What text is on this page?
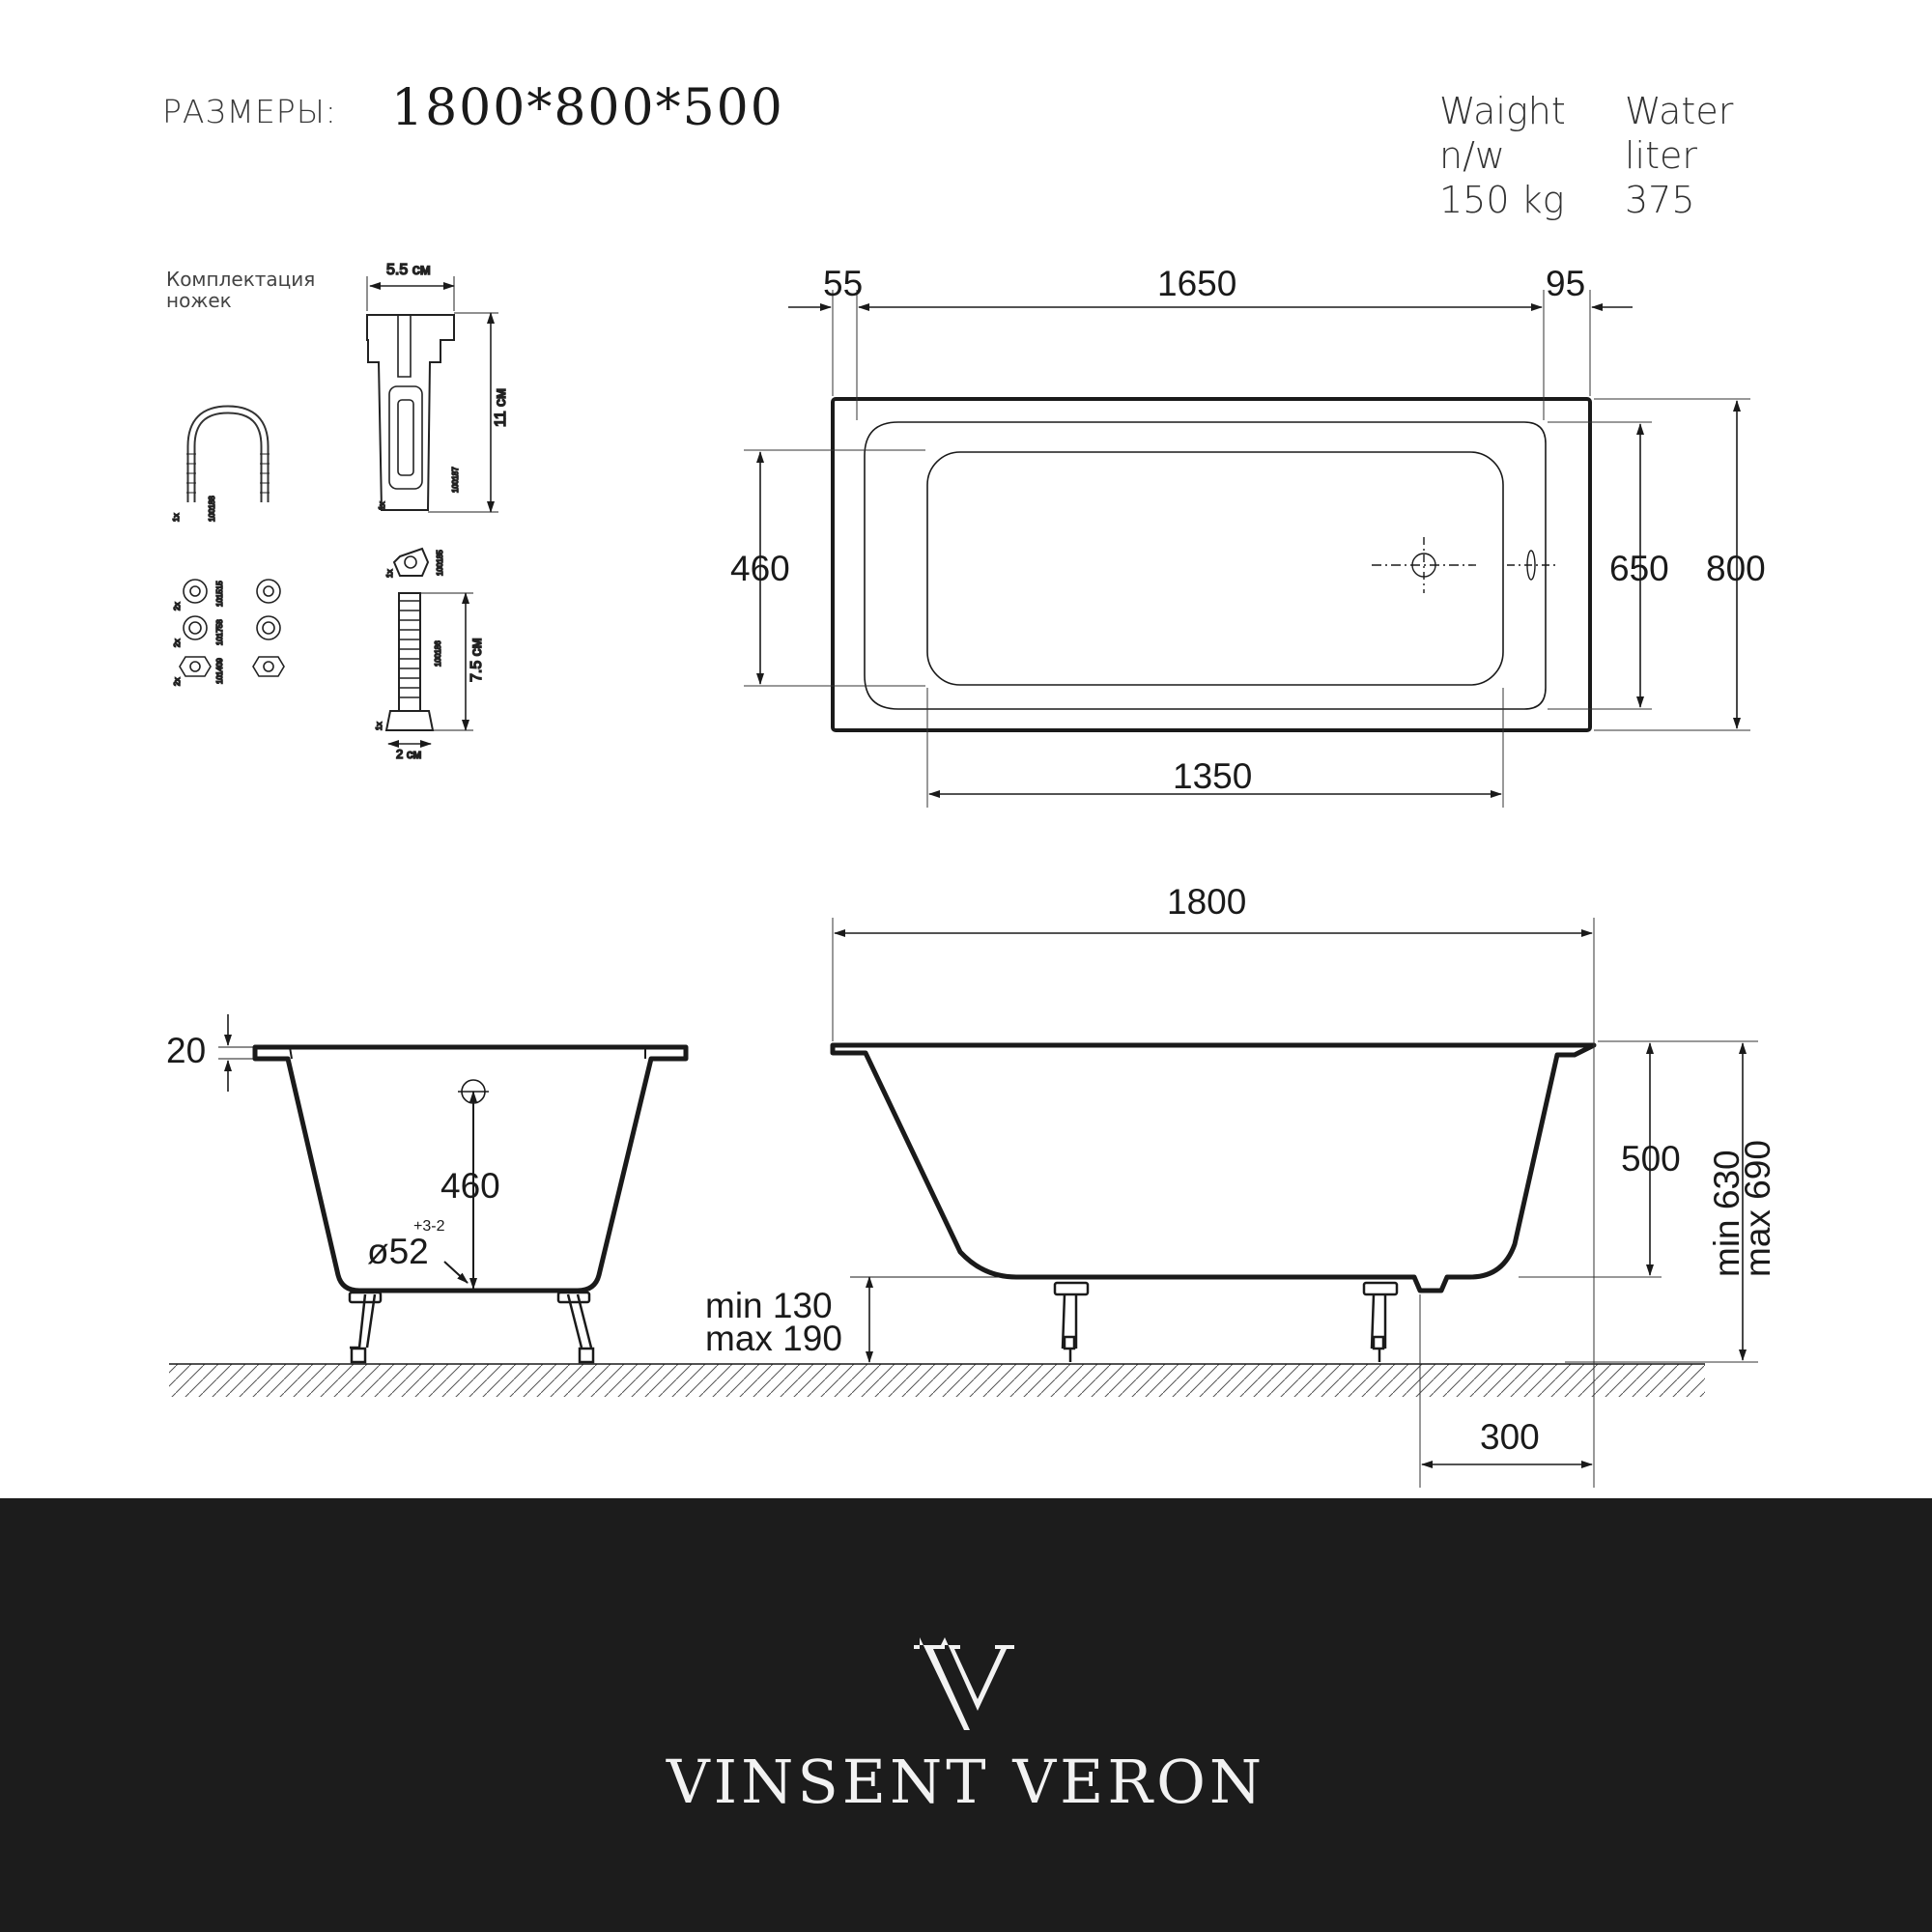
РАЗМЕРЫ: 1800*800*500	Waight
n/w
150 kg
Water
liter
375
Комплектация
ножек
1x	100188
5.5 см
11 см
1x
100187
1x	100185
7.5 см
2 см
1x
100186
2x
2x
2x
101515
101758
101409
55	1650	95
460	650 800
1350
20
460
ø52
+3-2
min 130
max 190
1800
500 min 630
max 690
300
VINSENT VERON
